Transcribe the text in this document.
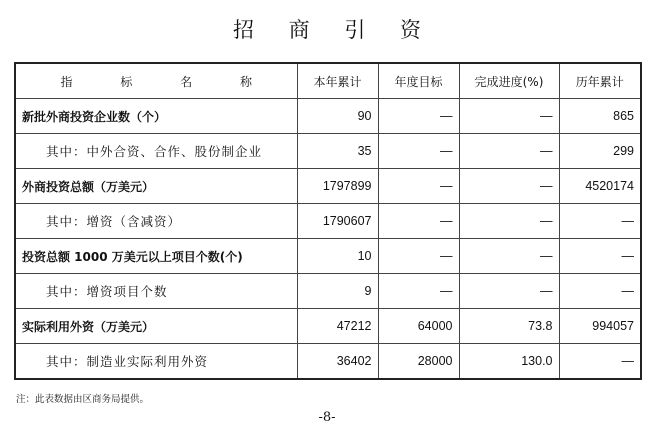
招 商 引 资
指 标 名 称	本年累计	年度目标	完成进度(%)	历年累计
新批外商投资企业数（个）	90	—	—	865
其中：中外合资、合作、股份制企业	35	—	—	299
外商投资总额（万美元）	1797899	—	—	4520174
其中：增资（含减资）	1790607	—	—	—
投资总额 1000 万美元以上项目个数(个)	10	—	—	—
其中：增资项目个数	9	—	—	—
实际利用外资（万美元）	47212	64000	73.8	994057
其中：制造业实际利用外资	36402	28000	130.0	—
注：此表数据由区商务局提供。
-8-
